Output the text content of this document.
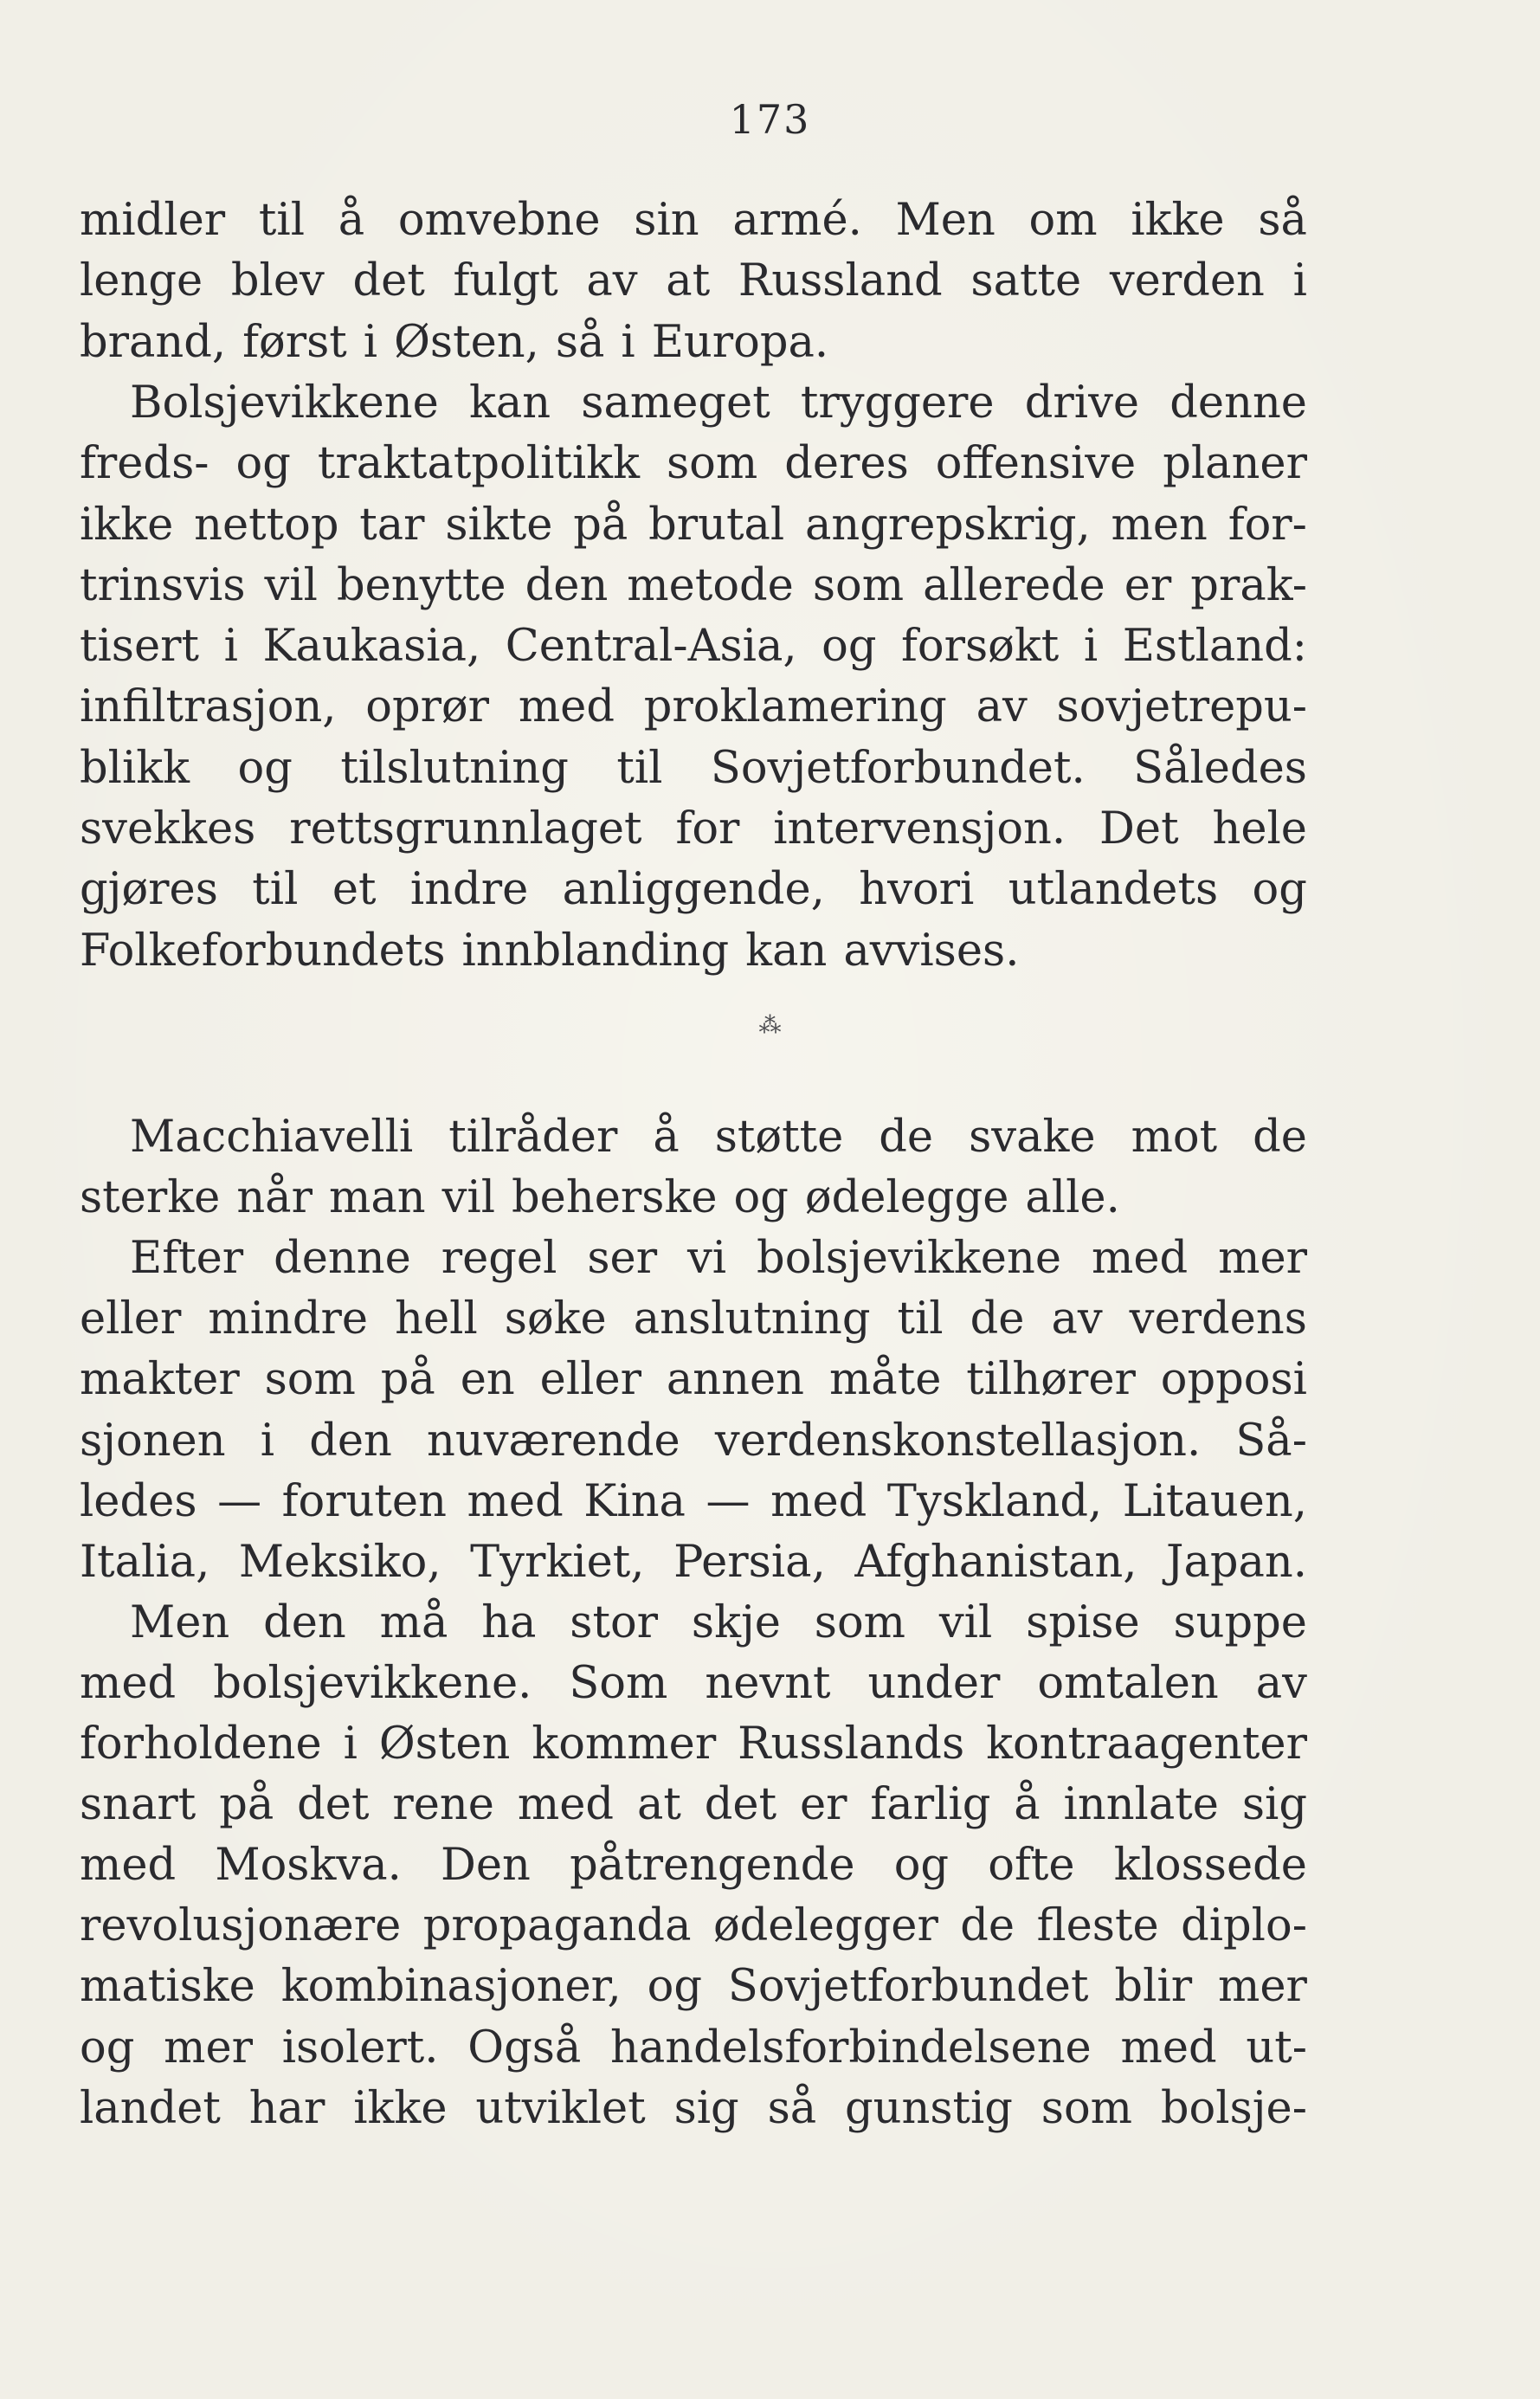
173
midler til å omvebne sin armé. Men om ikke så
lenge blev det fulgt av at Russland satte verden i
brand, først i Østen, så i Europa.
Bolsjevikkene kan sameget tryggere drive denne
freds- og traktatpolitikk som deres offensive planer
ikke nettop tar sikte på brutal angrepskrig, men for-
trinsvis vil benytte den metode som allerede er prak-
tisert i Kaukasia, Central-Asia, og forsøkt i Estland:
infiltrasjon, oprør med proklamering av sovjetrepu-
blikk og tilslutning til Sovjetforbundet. Således
svekkes rettsgrunnlaget for intervensjon. Det hele
gjøres til et indre anliggende, hvori utlandets og
Folkeforbundets innblanding kan avvises.
⁂
Macchiavelli tilråder å støtte de svake mot de
sterke når man vil beherske og ødelegge alle.
Efter denne regel ser vi bolsjevikkene med mer
eller mindre hell søke anslutning til de av verdens
makter som på en eller annen måte tilhører opposi
sjonen i den nuværende verdenskonstellasjon. Så-
ledes — foruten med Kina — med Tyskland, Litauen,
Italia, Meksiko, Tyrkiet, Persia, Afghanistan, Japan.
Men den må ha stor skje som vil spise suppe
med bolsjevikkene. Som nevnt under omtalen av
forholdene i Østen kommer Russlands kontraagenter
snart på det rene med at det er farlig å innlate sig
med Moskva. Den påtrengende og ofte klossede
revolusjonære propaganda ødelegger de fleste diplo-
matiske kombinasjoner, og Sovjetforbundet blir mer
og mer isolert. Også handelsforbindelsene med ut-
landet har ikke utviklet sig så gunstig som bolsje-
